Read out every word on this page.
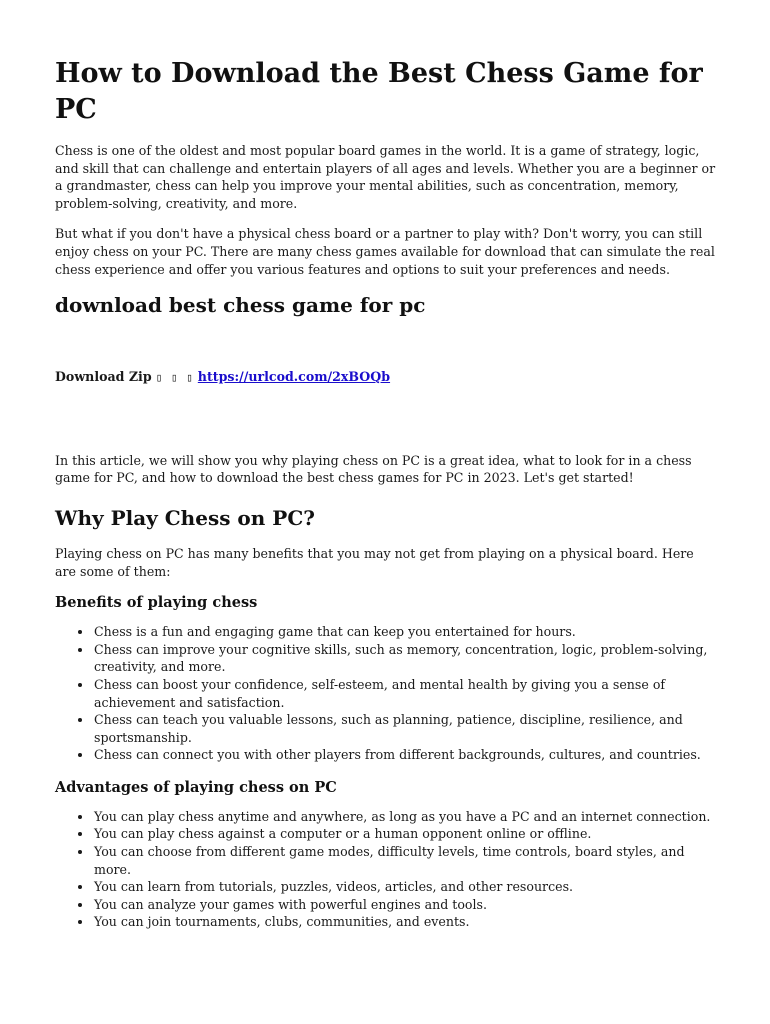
How to Download the Best Chess Game for PC

Chess is one of the oldest and most popular board games in the world. It is a game of strategy, logic, and skill that can challenge and entertain players of all ages and levels. Whether you are a beginner or a grandmaster, chess can help you improve your mental abilities, such as concentration, memory, problem-solving, creativity, and more.

But what if you don't have a physical chess board or a partner to play with? Don't worry, you can still enjoy chess on your PC. There are many chess games available for download that can simulate the real chess experience and offer you various features and options to suit your preferences and needs.

download best chess game for pc
Download Zip ▯ ▯ ▯ https://urlcod.com/2xBOQb

In this article, we will show you why playing chess on PC is a great idea, what to look for in a chess game for PC, and how to download the best chess games for PC in 2023. Let's get started!

Why Play Chess on PC?

Playing chess on PC has many benefits that you may not get from playing on a physical board. Here are some of them:

Benefits of playing chess
• Chess is a fun and engaging game that can keep you entertained for hours.
• Chess can improve your cognitive skills, such as memory, concentration, logic, problem-solving, creativity, and more.
• Chess can boost your confidence, self-esteem, and mental health by giving you a sense of achievement and satisfaction.
• Chess can teach you valuable lessons, such as planning, patience, discipline, resilience, and sportsmanship.
• Chess can connect you with other players from different backgrounds, cultures, and countries.
Advantages of playing chess on PC
• You can play chess anytime and anywhere, as long as you have a PC and an internet connection.
• You can play chess against a computer or a human opponent online or offline.
• You can choose from different game modes, difficulty levels, time controls, board styles, and more.
• You can learn from tutorials, puzzles, videos, articles, and other resources.
• You can analyze your games with powerful engines and tools.
• You can join tournaments, clubs, communities, and events.
